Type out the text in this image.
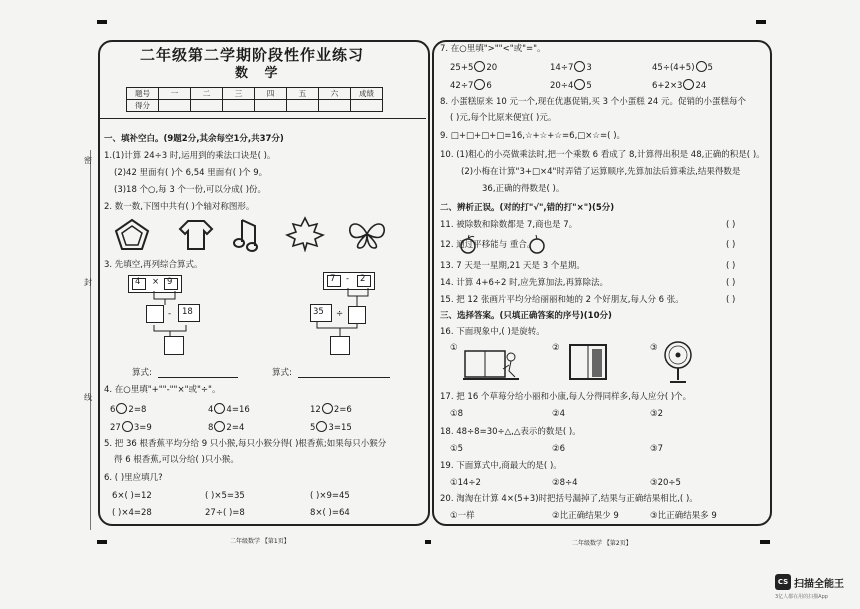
密
封
线
二年级第二学期阶段性作业练习
数 学
题号	一	二	三	四	五	六	成绩
得分							
一、填补空白。(9题2分,其余每空1分,共37分)
1.(1)计算 24÷3 时,运用到的乘法口诀是( )。
(2)42 里面有( )个 6,54 里面有( )个 9。
(3)18 个○,每 3 个一份,可以分成( )份。
2. 数一数,下图中共有( )个轴对称图形。
3. 先填空,再列综合算式。
4 × 9
- 18
7 - 2
35 ÷
算式:	算式:
4. 在○里填"+""-""×"或"÷"。
6 2=8	4 4=16	12 2=6
27 3=9	8 2=4	5 3=15
5. 把 36 根香蕉平均分给 9 只小猴,每只小猴分得( )根香蕉;如果每只小猴分
得 6 根香蕉,可以分给( )只小猴。
6. ( )里应填几?
6×( )=12	( )×5=35	( )×9=45
( )×4=28	27÷( )=8	8×( )=64
二年级数学 【第1页】
7. 在○里填">""<"或"="。
25+5 20	14÷7 3	45÷(4+5) 5
42÷7 6	20÷4 5	6+2×3 24
8. 小蛋糕原来 10 元一个,现在优惠促销,买 3 个小蛋糕 24 元。促销的小蛋糕每个
( )元,每个比原来便宜( )元。
9. □+□+□+□=16,☆+☆+☆=6,□×☆=( )。
10. (1)粗心的小亮做乘法时,把一个乘数 6 看成了 8,计算得出积是 48,正确的积是( )。
(2)小梅在计算"3+□×4"时弄错了运算顺序,先算加法后算乘法,结果得数是
36,正确的得数是( )。
二、辨析正误。(对的打"√",错的打"×")(5分)
11. 被除数和除数都是 7,商也是 7。	( )
12. 通过平移能与 重合。	( )
13. 7 天是一星期,21 天是 3 个星期。	( )
14. 计算 4+6÷2 时,应先算加法,再算除法。	( )
15. 把 12 张画片平均分给丽丽和她的 2 个好朋友,每人分 6 张。	( )
三、选择答案。(只填正确答案的序号)(10分)
16. 下面现象中,( )是旋转。
①	②	③
17. 把 16 个草莓分给小丽和小康,每人分得同样多,每人应分( )个。
①8	②4	③2
18. 48÷8=30÷△,△表示的数是( )。
①5	②6	③7
19. 下面算式中,商最大的是( )。
①14÷2	②8÷4	③20÷5
20. 淘淘在计算 4×(5+3)时把括号漏掉了,结果与正确结果相比,( )。
①一样	②比正确结果少 9	③比正确结果多 9
二年级数学 【第2页】
CS 扫描全能王
3亿人都在用的扫描App
